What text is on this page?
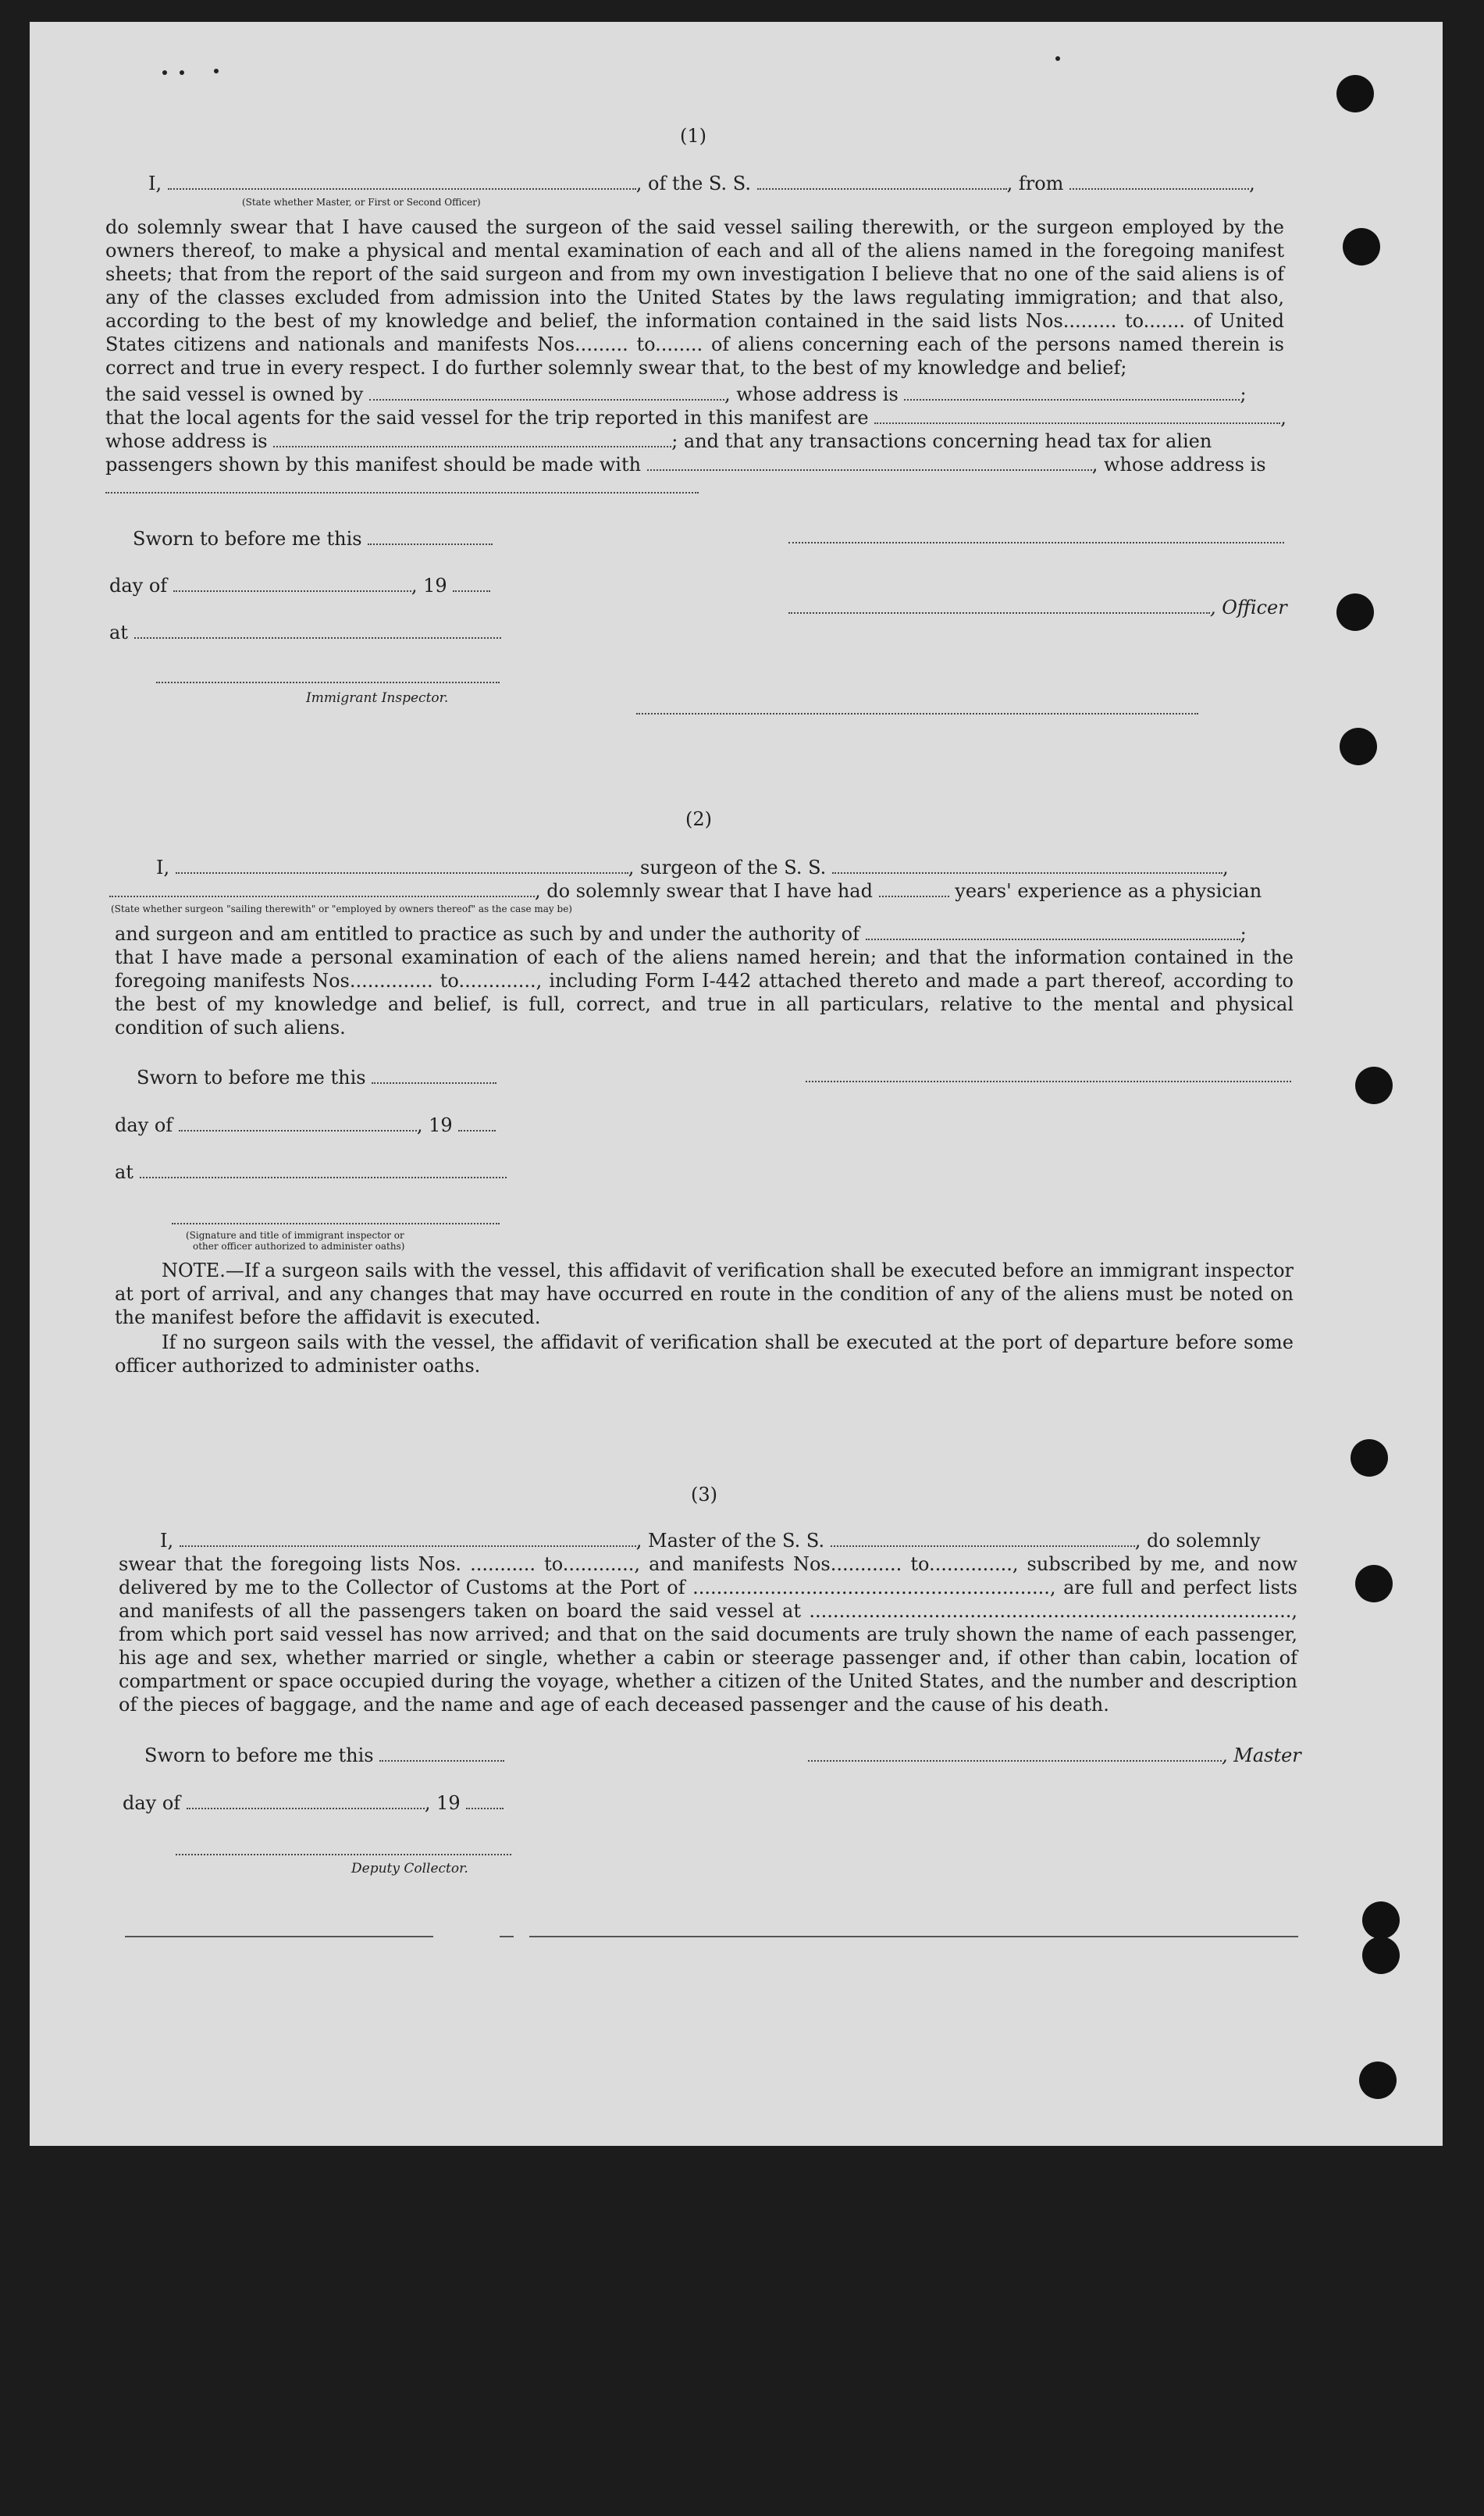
(1)
I,	, of the S. S.	, from	,
(State whether Master, or First or Second Officer)
do solemnly swear that I have caused the surgeon of the said vessel sailing therewith, or the surgeon employed by the owners thereof, to make a physical and mental examination of each and all of the aliens named in the foregoing manifest sheets; that from the report of the said surgeon and from my own investigation I believe that no one of the said aliens is of any of the classes excluded from admission into the United States by the laws regulating immigration; and that also, according to the best of my knowledge and belief, the information contained in the said lists Nos......... to....... of United States citizens and nationals and manifests Nos......... to........ of aliens concerning each of the persons named therein is correct and true in every respect. I do further solemnly swear that, to the best of my knowledge and belief;
the said vessel is owned by	, whose address is	;
that the local agents for the said vessel for the trip reported in this manifest are	,
whose address is	; and that any transactions concerning head tax for alien
passengers shown by this manifest should be made with	, whose address is
Sworn to before me this
day of	, 19
, Officer
at
Immigrant Inspector.
(2)
I,	, surgeon of the S. S.	,
, do solemnly swear that I have had	years' experience as a physician
(State whether surgeon "sailing therewith" or "employed by owners thereof" as the case may be)
and surgeon and am entitled to practice as such by and under the authority of	;
that I have made a personal examination of each of the aliens named herein; and that the information contained in the foregoing manifests Nos.............. to............., including Form I-442 attached thereto and made a part thereof, according to the best of my knowledge and belief, is full, correct, and true in all particulars, relative to the mental and physical condition of such aliens.
Sworn to before me this
day of	, 19
at
(Signature and title of immigrant inspector or
other officer authorized to administer oaths)
NOTE.—If a surgeon sails with the vessel, this affidavit of verification shall be executed before an immigrant inspector at port of arrival, and any changes that may have occurred en route in the condition of any of the aliens must be noted on the manifest before the affidavit is executed.
If no surgeon sails with the vessel, the affidavit of verification shall be executed at the port of departure before some officer authorized to administer oaths.
(3)
I,	, Master of the S. S.	, do solemnly
swear that the foregoing lists Nos. ........... to............, and manifests Nos............ to.............., subscribed by me, and now delivered by me to the Collector of Customs at the Port of ............................................................, are full and perfect lists and manifests of all the passengers taken on board the said vessel at ................................................................................., from which port said vessel has now arrived; and that on the said documents are truly shown the name of each passenger, his age and sex, whether married or single, whether a cabin or steerage passenger and, if other than cabin, location of compartment or space occupied during the voyage, whether a citizen of the United States, and the number and description of the pieces of baggage, and the name and age of each deceased passenger and the cause of his death.
Sworn to before me this	, Master
day of	, 19
Deputy Collector.
